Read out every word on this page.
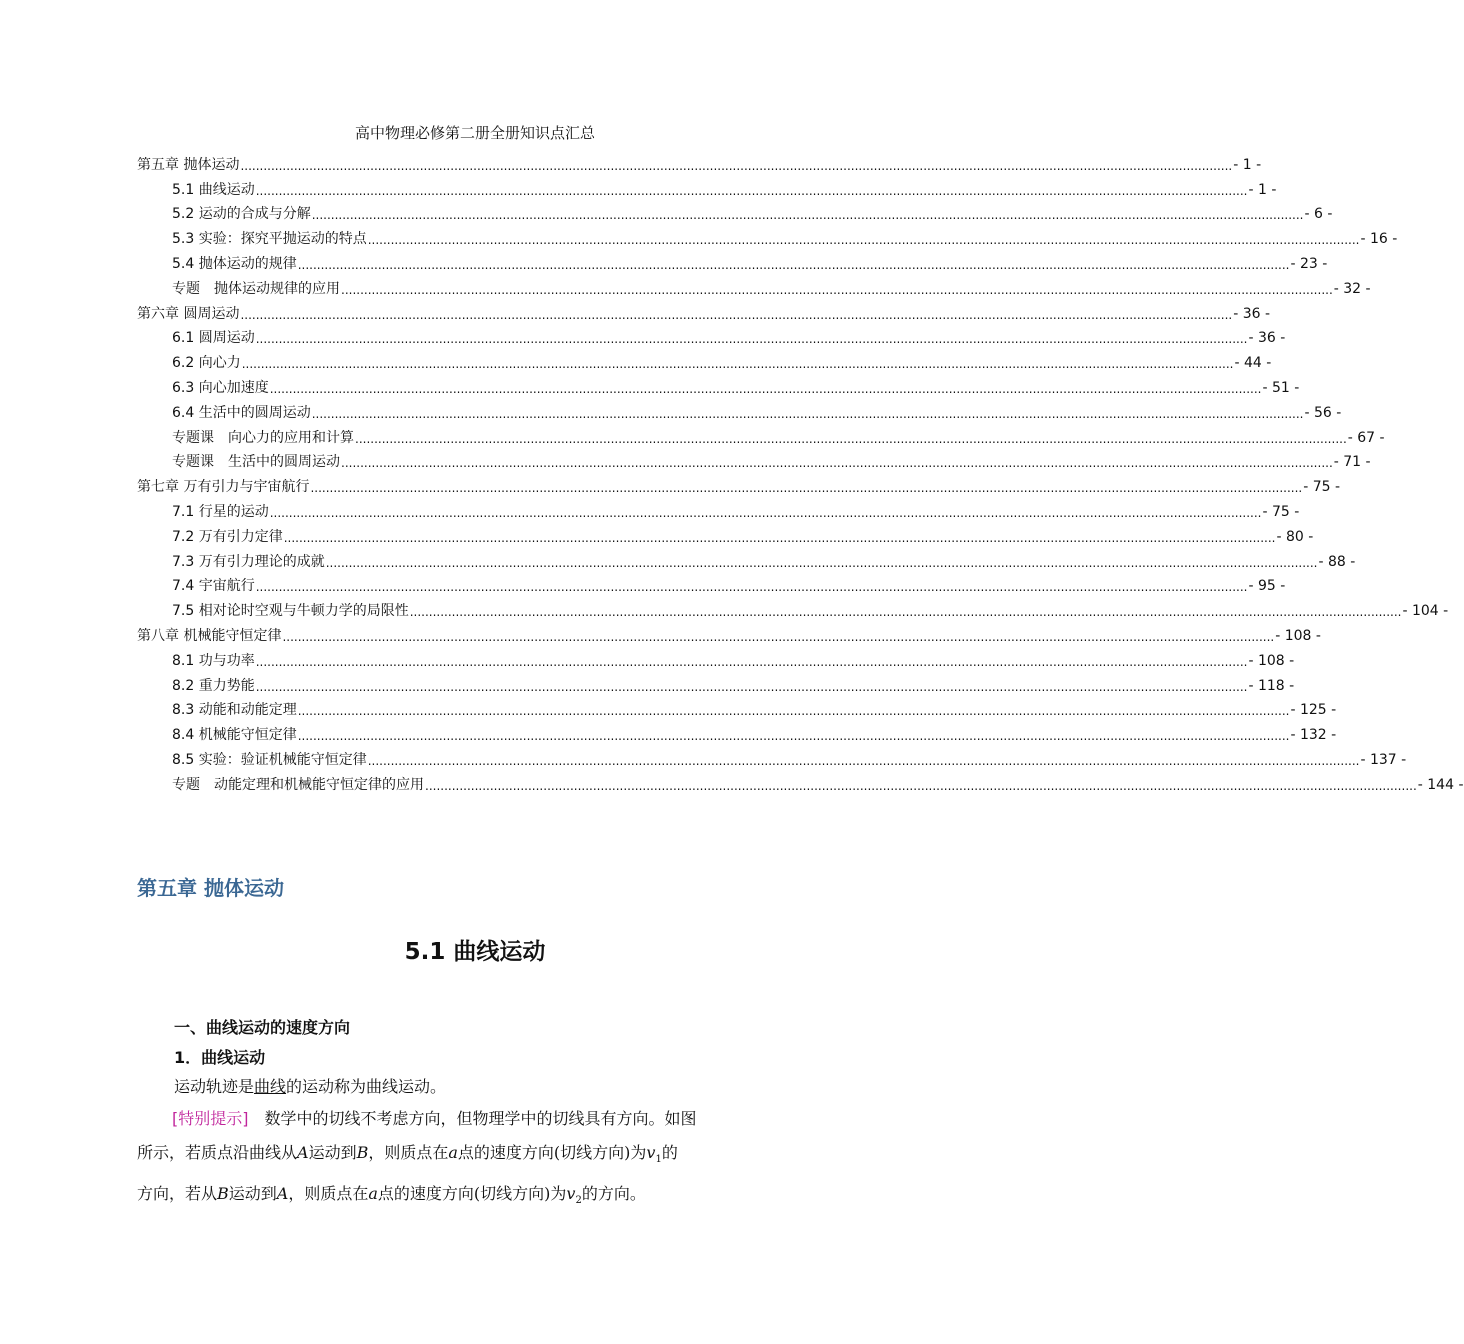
高中物理必修第二册全册知识点汇总
第五章 抛体运动 .................................................................................................................................................................................................................................................................... - 1 -
5.1 曲线运动 .................................................................................................................................................................................................................................................................... - 1 -
5.2 运动的合成与分解 .................................................................................................................................................................................................................................................................... - 6 -
5.3 实验：探究平抛运动的特点 .................................................................................................................................................................................................................................................................... - 16 -
5.4 抛体运动的规律 .................................................................................................................................................................................................................................................................... - 23 -
专题　抛体运动规律的应用 .................................................................................................................................................................................................................................................................... - 32 -
第六章 圆周运动 .................................................................................................................................................................................................................................................................... - 36 -
6.1 圆周运动 .................................................................................................................................................................................................................................................................... - 36 -
6.2 向心力 .................................................................................................................................................................................................................................................................... - 44 -
6.3 向心加速度 .................................................................................................................................................................................................................................................................... - 51 -
6.4 生活中的圆周运动 .................................................................................................................................................................................................................................................................... - 56 -
专题课　向心力的应用和计算 .................................................................................................................................................................................................................................................................... - 67 -
专题课　生活中的圆周运动 .................................................................................................................................................................................................................................................................... - 71 -
第七章 万有引力与宇宙航行 .................................................................................................................................................................................................................................................................... - 75 -
7.1 行星的运动 .................................................................................................................................................................................................................................................................... - 75 -
7.2 万有引力定律 .................................................................................................................................................................................................................................................................... - 80 -
7.3 万有引力理论的成就 .................................................................................................................................................................................................................................................................... - 88 -
7.4 宇宙航行 .................................................................................................................................................................................................................................................................... - 95 -
7.5 相对论时空观与牛顿力学的局限性 .................................................................................................................................................................................................................................................................... - 104 -
第八章 机械能守恒定律 .................................................................................................................................................................................................................................................................... - 108 -
8.1 功与功率 .................................................................................................................................................................................................................................................................... - 108 -
8.2 重力势能 .................................................................................................................................................................................................................................................................... - 118 -
8.3 动能和动能定理 .................................................................................................................................................................................................................................................................... - 125 -
8.4 机械能守恒定律 .................................................................................................................................................................................................................................................................... - 132 -
8.5 实验：验证机械能守恒定律 .................................................................................................................................................................................................................................................................... - 137 -
专题　动能定理和机械能守恒定律的应用 .................................................................................................................................................................................................................................................................... - 144 -
第五章 抛体运动
5.1 曲线运动
一、曲线运动的速度方向
1．曲线运动
运动轨迹是曲线的运动称为曲线运动。
[特别提示]　数学中的切线不考虑方向，但物理学中的切线具有方向。如图
所示，若质点沿曲线从A运动到B，则质点在a点的速度方向(切线方向)为$v_1$的
方向，若从B运动到A，则质点在a点的速度方向(切线方向)为$v_2$的方向。
